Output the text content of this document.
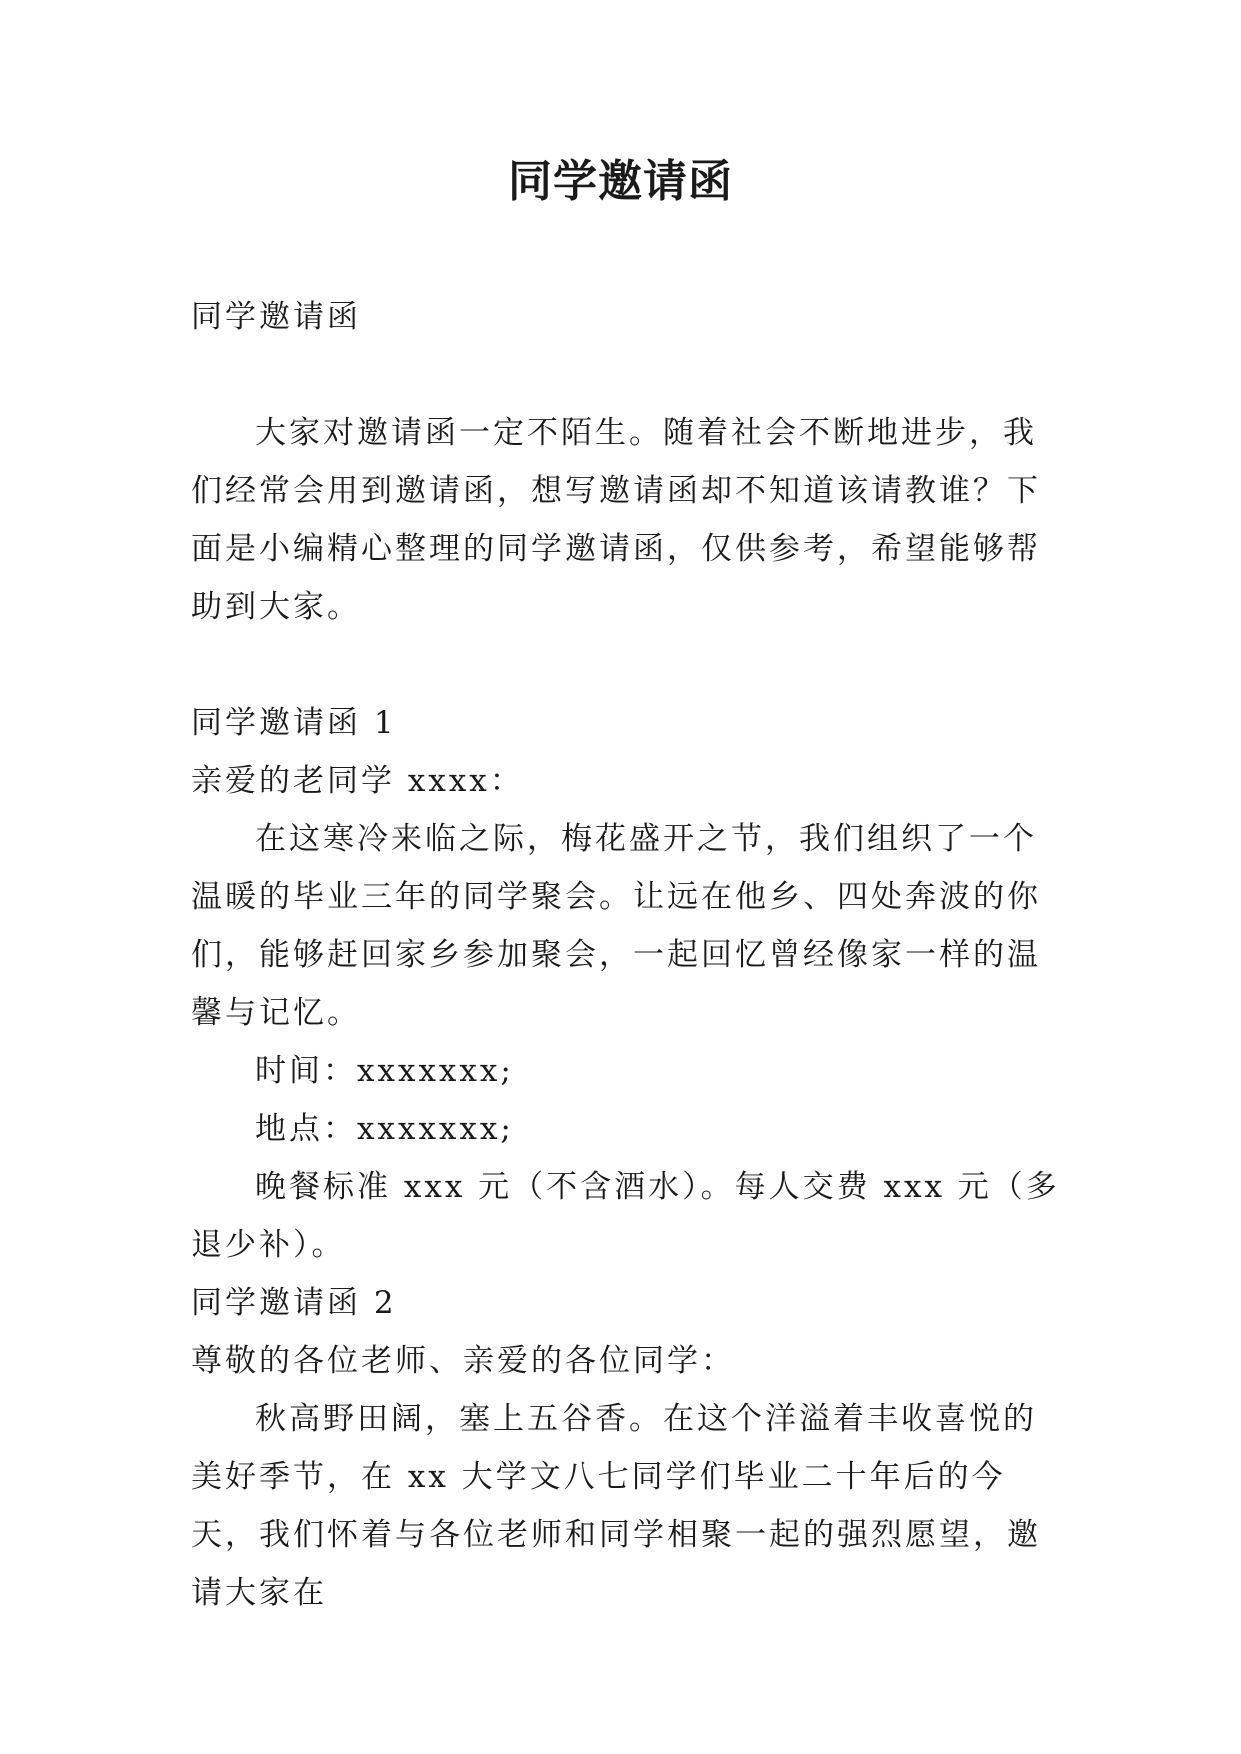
同学邀请函

同学邀请函

大家对邀请函一定不陌生。随着社会不断地进步，我们经常会用到邀请函，想写邀请函却不知道该请教谁？下面是小编精心整理的同学邀请函，仅供参考，希望能够帮助到大家。

同学邀请函 1

亲爱的老同学 xxxx：

在这寒冷来临之际，梅花盛开之节，我们组织了一个温暖的毕业三年的同学聚会。让远在他乡、四处奔波的你们，能够赶回家乡参加聚会，一起回忆曾经像家一样的温馨与记忆。

时间：xxxxxxx;

地点：xxxxxxx;

晚餐标准 xxx 元（不含酒水）。每人交费 xxx 元（多退少补）。

同学邀请函 2

尊敬的各位老师、亲爱的各位同学：

秋高野田阔，塞上五谷香。在这个洋溢着丰收喜悦的美好季节，在 xx 大学文八七同学们毕业二十年后的今天，我们怀着与各位老师和同学相聚一起的强烈愿望，邀请大家在
